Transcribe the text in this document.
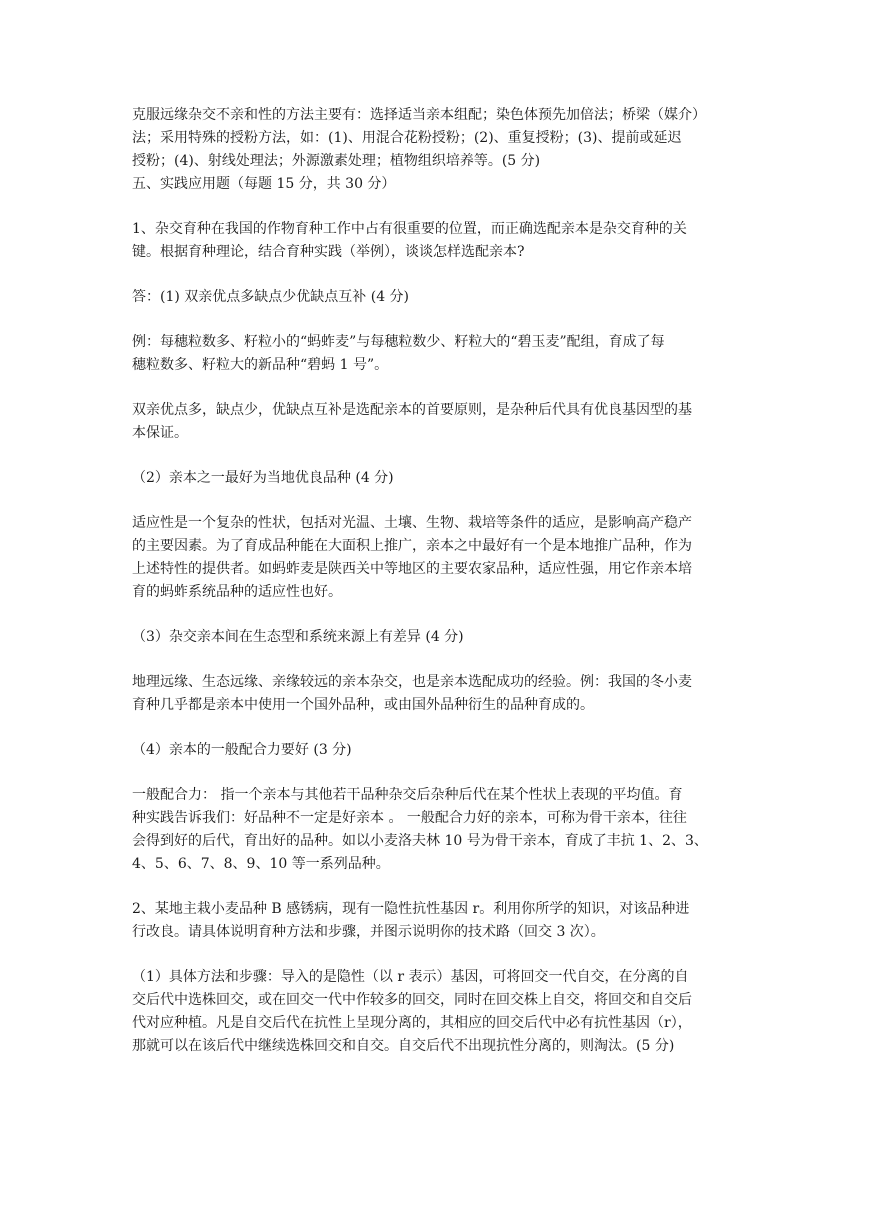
克服远缘杂交不亲和性的方法主要有：选择适当亲本组配；染色体预先加倍法；桥梁（媒介）

法；采用特殊的授粉方法，如：(1)、用混合花粉授粉；(2)、重复授粉；(3)、提前或延迟

授粉；(4)、射线处理法；外源激素处理；植物组织培养等。(5 分)

五、实践应用题（每题 15 分，共 30 分）

1、杂交育种在我国的作物育种工作中占有很重要的位置，而正确选配亲本是杂交育种的关

键。根据育种理论，结合育种实践（举例），谈谈怎样选配亲本?

答：(1) 双亲优点多缺点少优缺点互补 (4 分)

例：每穗粒数多、籽粒小的“蚂蚱麦”与每穗粒数少、籽粒大的“碧玉麦”配组，育成了每

穗粒数多、籽粒大的新品种“碧蚂 1 号”。

双亲优点多，缺点少，优缺点互补是选配亲本的首要原则，是杂种后代具有优良基因型的基

本保证。

（2）亲本之一最好为当地优良品种 (4 分)

适应性是一个复杂的性状，包括对光温、土壤、生物、栽培等条件的适应，是影响高产稳产

的主要因素。为了育成品种能在大面积上推广，亲本之中最好有一个是本地推广品种，作为

上述特性的提供者。如蚂蚱麦是陕西关中等地区的主要农家品种，适应性强，用它作亲本培

育的蚂蚱系统品种的适应性也好。

（3）杂交亲本间在生态型和系统来源上有差异 (4 分)

地理远缘、生态远缘、亲缘较远的亲本杂交，也是亲本选配成功的经验。例：我国的冬小麦

育种几乎都是亲本中使用一个国外品种，或由国外品种衍生的品种育成的。

（4）亲本的一般配合力要好 (3 分)

一般配合力： 指一个亲本与其他若干品种杂交后杂种后代在某个性状上表现的平均值。育

种实践告诉我们：好品种不一定是好亲本 。 一般配合力好的亲本，可称为骨干亲本，往往

会得到好的后代，育出好的品种。如以小麦洛夫林 10 号为骨干亲本，育成了丰抗 1、2、3、

4、5、6、7、8、9、10 等一系列品种。

2、某地主栽小麦品种 B 感锈病，现有一隐性抗性基因 r。利用你所学的知识，对该品种进

行改良。请具体说明育种方法和步骤，并图示说明你的技术路（回交 3 次）。

（1）具体方法和步骤：导入的是隐性（以 r 表示）基因，可将回交一代自交，在分离的自

交后代中选株回交，或在回交一代中作较多的回交，同时在回交株上自交，将回交和自交后

代对应种植。凡是自交后代在抗性上呈现分离的，其相应的回交后代中必有抗性基因（r），

那就可以在该后代中继续选株回交和自交。自交后代不出现抗性分离的，则淘汰。(5 分)
